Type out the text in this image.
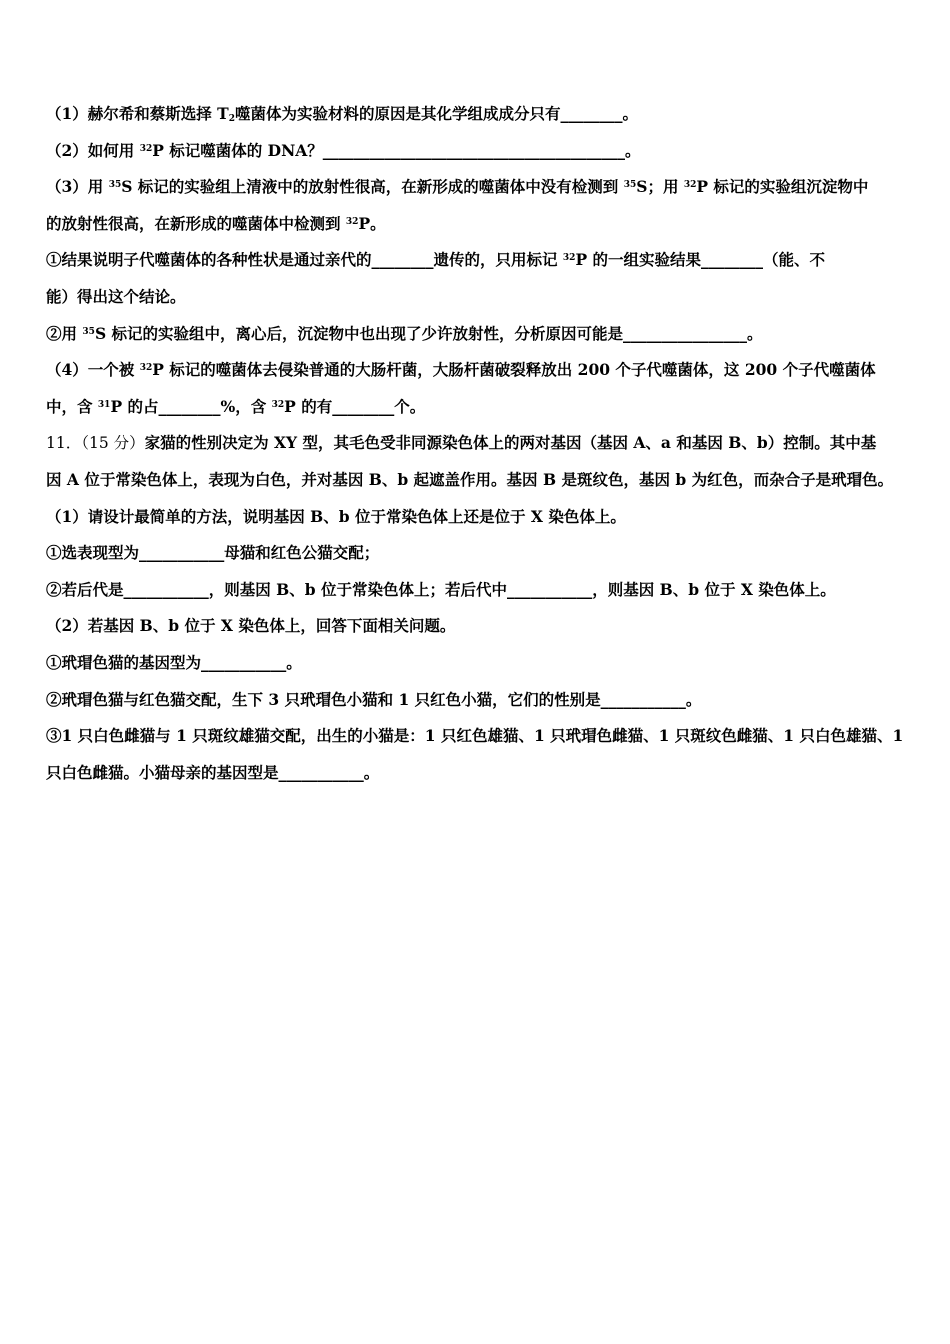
（1）赫尔希和蔡斯选择 $T_2$噬菌体为实验材料的原因是其化学组成成分只有________。
（2）如何用 $^{32}$P 标记噬菌体的 DNA？_______________________________________。
（3）用 $^{35}$S 标记的实验组上清液中的放射性很高，在新形成的噬菌体中没有检测到 $^{35}$S；用 $^{32}$P 标记的实验组沉淀物中
的放射性很高，在新形成的噬菌体中检测到 $^{32}$P。
①结果说明子代噬菌体的各种性状是通过亲代的________遗传的，只用标记 $^{32}$P 的一组实验结果________（能、不
能）得出这个结论。
②用 $^{35}$S 标记的实验组中，离心后，沉淀物中也出现了少许放射性，分析原因可能是________________。
（4）一个被 $^{32}$P 标记的噬菌体去侵染普通的大肠杆菌，大肠杆菌破裂释放出 200 个子代噬菌体，这 200 个子代噬菌体
中，含 $^{31}$P 的占________%，含 $^{32}$P 的有________个。
11．（15 分）家猫的性别决定为 XY 型，其毛色受非同源染色体上的两对基因（基因 A、a 和基因 B、b）控制。其中基
因 A 位于常染色体上，表现为白色，并对基因 B、b 起遮盖作用。基因 B 是斑纹色，基因 b 为红色，而杂合子是玳瑁色。
（1）请设计最简单的方法，说明基因 B、b 位于常染色体上还是位于 X 染色体上。
①选表现型为___________母猫和红色公猫交配；
②若后代是___________，则基因 B、b 位于常染色体上；若后代中___________，则基因 B、b 位于 X 染色体上。
（2）若基因 B、b 位于 X 染色体上，回答下面相关问题。
①玳瑁色猫的基因型为___________。
②玳瑁色猫与红色猫交配，生下 3 只玳瑁色小猫和 1 只红色小猫，它们的性别是___________。
③1 只白色雌猫与 1 只斑纹雄猫交配，出生的小猫是：1 只红色雄猫、1 只玳瑁色雌猫、1 只斑纹色雌猫、1 只白色雄猫、1
只白色雌猫。小猫母亲的基因型是___________。
